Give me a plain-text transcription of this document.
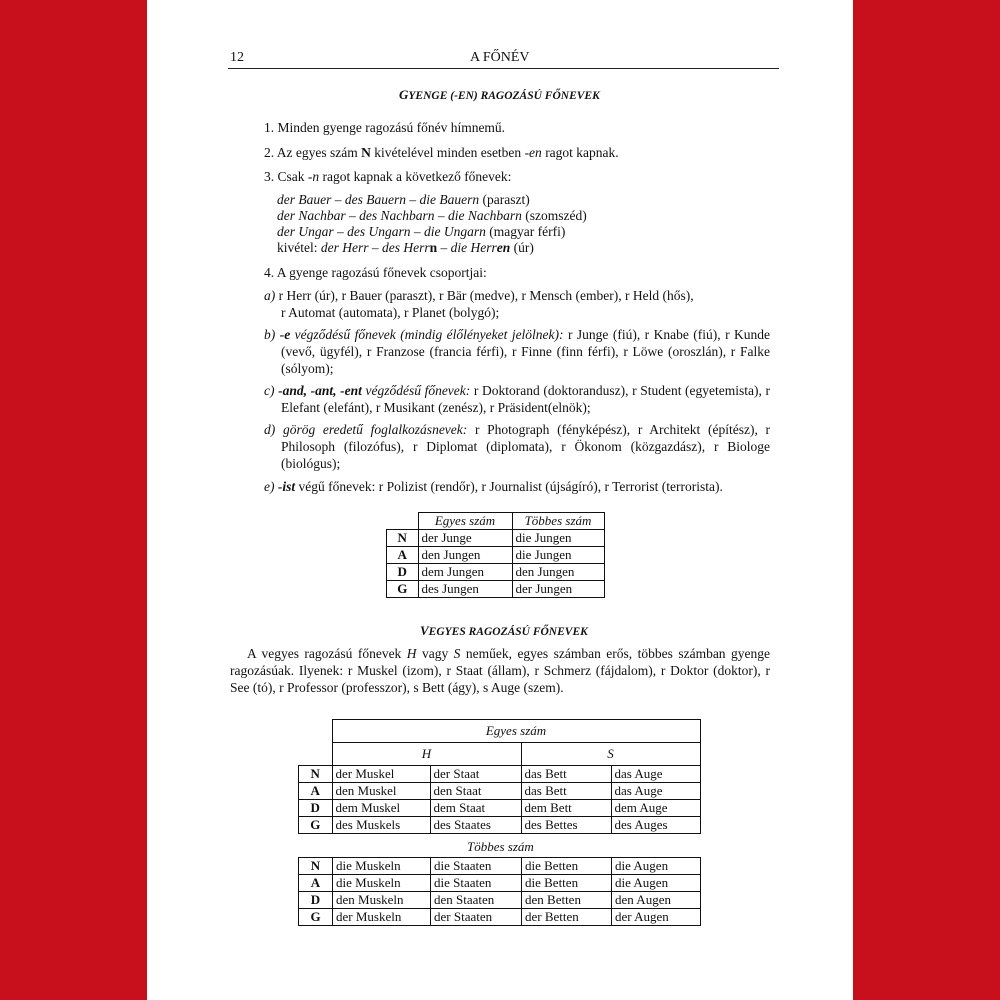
12	A FŐNÉV
GYENGE (-EN) RAGOZÁSÚ FŐNEVEK
1. Minden gyenge ragozású főnév hímnemű.
2. Az egyes szám N kivételével minden esetben -en ragot kapnak.
3. Csak -n ragot kapnak a következő főnevek:
der Bauer – des Bauern – die Bauern (paraszt)
der Nachbar – des Nachbarn – die Nachbarn (szomszéd)
der Ungar – des Ungarn – die Ungarn (magyar férfi)
kivétel: der Herr – des Herrn – die Herren (úr)
4. A gyenge ragozású főnevek csoportjai:
a) r Herr (úr), r Bauer (paraszt), r Bär (medve), r Mensch (ember), r Held (hős),
r Automat (automata), r Planet (bolygó);
b) -e végződésű főnevek (mindig élőlényeket jelölnek): r Junge (fiú), r Knabe (fiú), r Kunde (vevő, ügyfél), r Franzose (francia férfi), r Finne (finn férfi), r Löwe (oroszlán), r Falke (sólyom);
c) -and, -ant, -ent végződésű főnevek: r Doktorand (doktorandusz), r Student (egyetemista), r Elefant (elefánt), r Musikant (zenész), r Präsident(elnök);
d) görög eredetű foglalkozásnevek: r Photograph (fényképész), r Architekt (építész), r Philosoph (filozófus), r Diplomat (diplomata), r Ökonom (közgazdász), r Biologe (biológus);
e) -ist végű főnevek: r Polizist (rendőr), r Journalist (újságíró), r Terrorist (terrorista).
	Egyes szám	Többes szám
N	der Junge	die Jungen
A	den Jungen	die Jungen
D	dem Jungen	den Jungen
G	des Jungen	der Jungen
VEGYES RAGOZÁSÚ FŐNEVEK
A vegyes ragozású főnevek H vagy S neműek, egyes számban erős, többes számban gyenge ragozásúak. Ilyenek: r Muskel (izom), r Staat (állam), r Schmerz (fájdalom), r Doktor (doktor), r See (tó), r Professor (professzor), s Bett (ágy), s Auge (szem).
	Egyes szám			
	H		S	
N	der Muskel	der Staat	das Bett	das Auge
A	den Muskel	den Staat	das Bett	das Auge
D	dem Muskel	dem Staat	dem Bett	dem Auge
G	des Muskels	des Staates	des Bettes	des Auges
Többes szám
N	die Muskeln	die Staaten	die Betten	die Augen
A	die Muskeln	die Staaten	die Betten	die Augen
D	den Muskeln	den Staaten	den Betten	den Augen
G	der Muskeln	der Staaten	der Betten	der Augen
